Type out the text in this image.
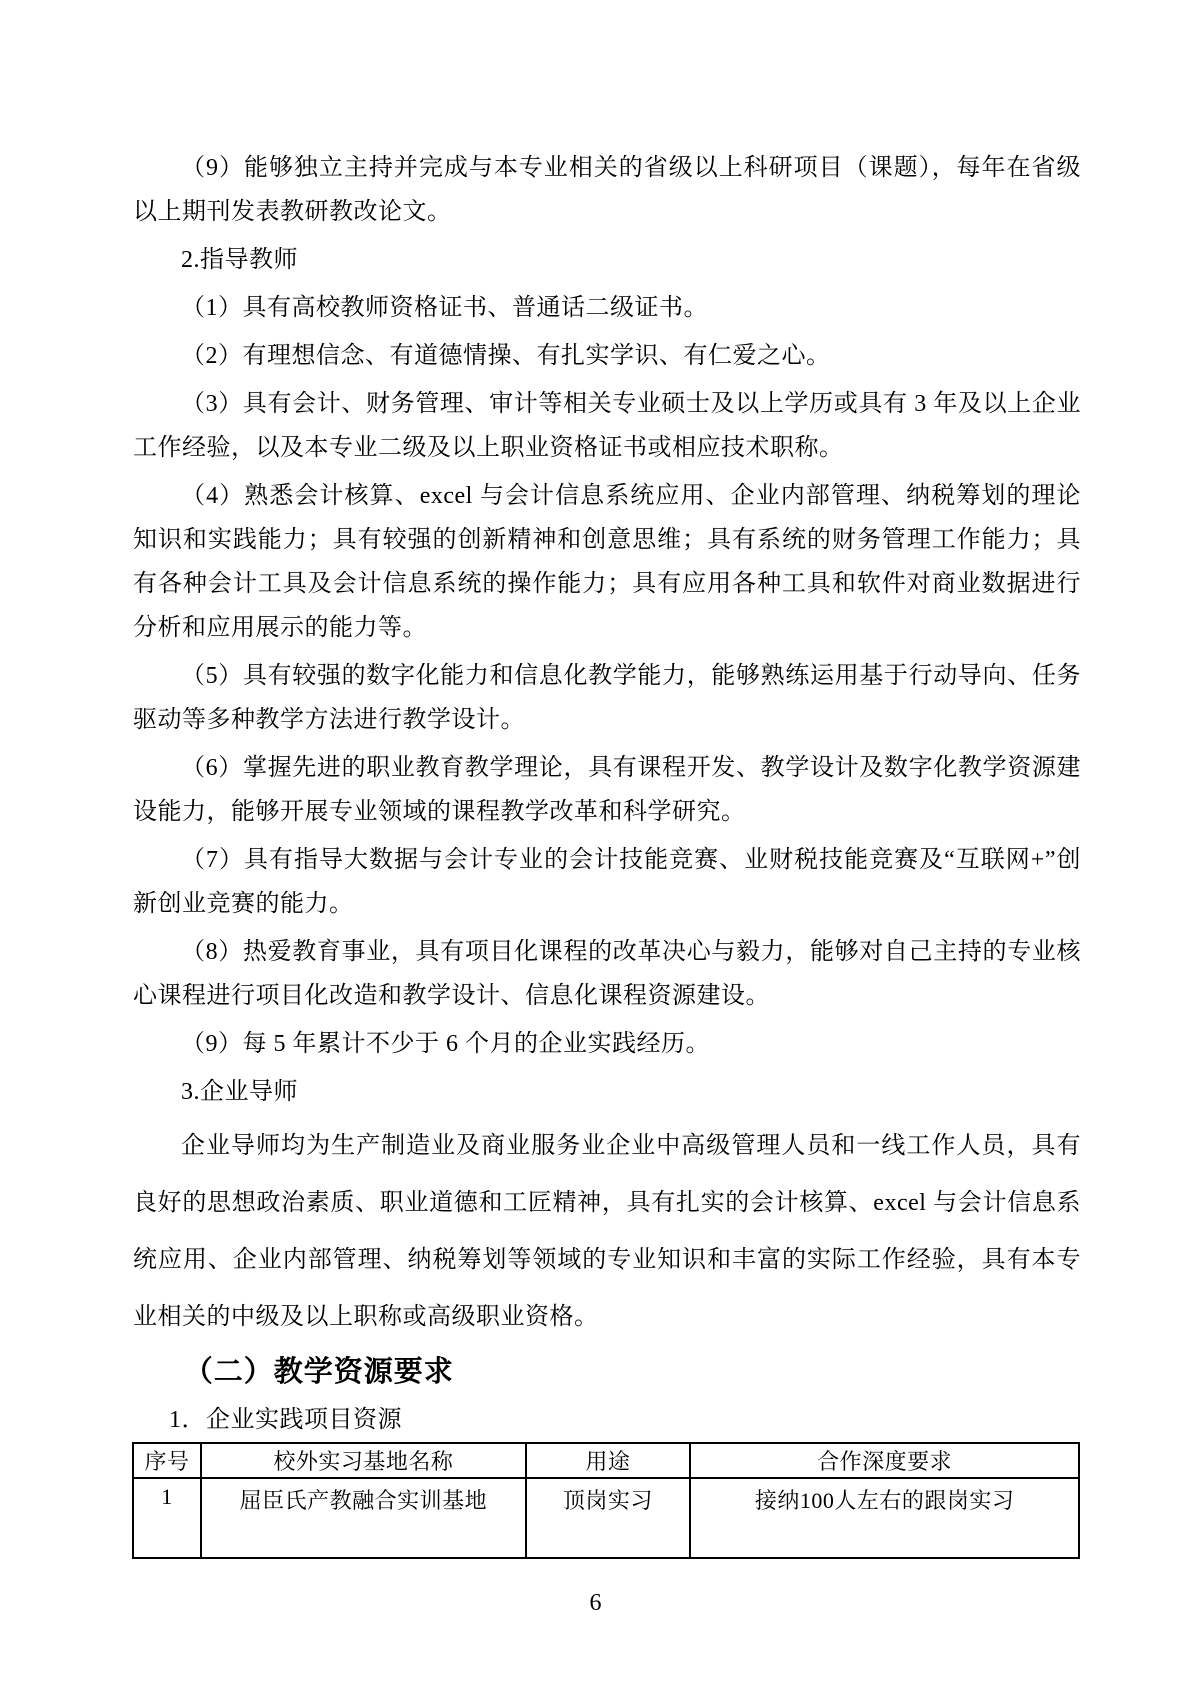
（9）能够独立主持并完成与本专业相关的省级以上科研项目（课题），每年在省级以上期刊发表教研教改论文。

2.指导教师

（1）具有高校教师资格证书、普通话二级证书。

（2）有理想信念、有道德情操、有扎实学识、有仁爱之心。

（3）具有会计、财务管理、审计等相关专业硕士及以上学历或具有 3 年及以上企业工作经验，以及本专业二级及以上职业资格证书或相应技术职称。

（4）熟悉会计核算、excel 与会计信息系统应用、企业内部管理、纳税筹划的理论知识和实践能力；具有较强的创新精神和创意思维；具有系统的财务管理工作能力；具有各种会计工具及会计信息系统的操作能力；具有应用各种工具和软件对商业数据进行分析和应用展示的能力等。

（5）具有较强的数字化能力和信息化教学能力，能够熟练运用基于行动导向、任务驱动等多种教学方法进行教学设计。

（6）掌握先进的职业教育教学理论，具有课程开发、教学设计及数字化教学资源建设能力，能够开展专业领域的课程教学改革和科学研究。

（7）具有指导大数据与会计专业的会计技能竞赛、业财税技能竞赛及“互联网+”创新创业竞赛的能力。

（8）热爱教育事业，具有项目化课程的改革决心与毅力，能够对自己主持的专业核心课程进行项目化改造和教学设计、信息化课程资源建设。

（9）每 5 年累计不少于 6 个月的企业实践经历。

3.企业导师

企业导师均为生产制造业及商业服务业企业中高级管理人员和一线工作人员，具有良好的思想政治素质、职业道德和工匠精神，具有扎实的会计核算、excel 与会计信息系统应用、企业内部管理、纳税筹划等领域的专业知识和丰富的实际工作经验，具有本专业相关的中级及以上职称或高级职业资格。

（二）教学资源要求

1．企业实践项目资源

序号	校外实习基地名称	用途	合作深度要求
1	屈臣氏产教融合实训基地	顶岗实习	接纳100人左右的跟岗实习
6
